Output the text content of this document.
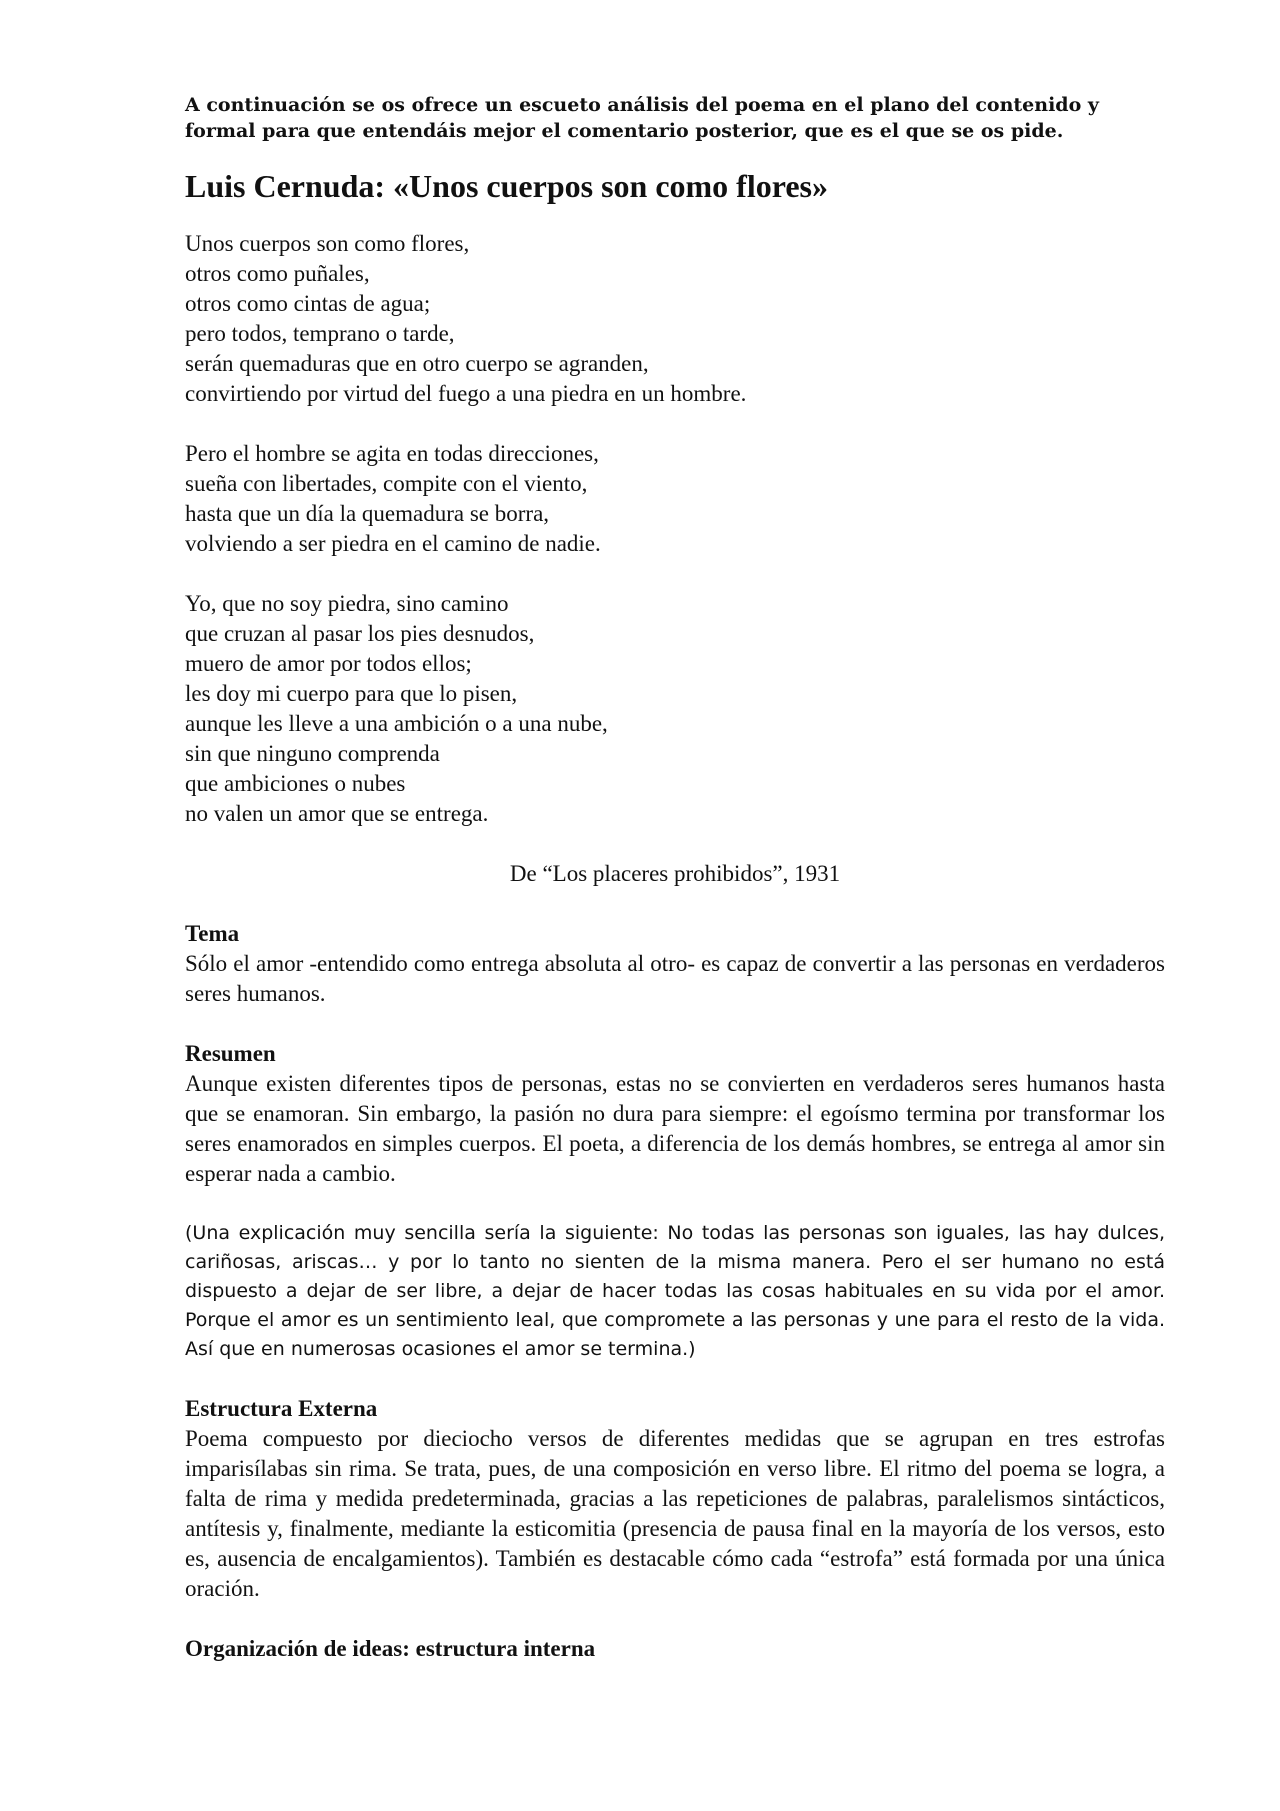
A continuación se os ofrece un escueto análisis del poema en el plano del contenido y formal para que entendáis mejor el comentario posterior, que es el que se os pide.

Luis Cernuda: «Unos cuerpos son como flores»
Unos cuerpos son como flores,
otros como puñales,
otros como cintas de agua;
pero todos, temprano o tarde,
serán quemaduras que en otro cuerpo se agranden,
convirtiendo por virtud del fuego a una piedra en un hombre.
Pero el hombre se agita en todas direcciones,
sueña con libertades, compite con el viento,
hasta que un día la quemadura se borra,
volviendo a ser piedra en el camino de nadie.
Yo, que no soy piedra, sino camino
que cruzan al pasar los pies desnudos,
muero de amor por todos ellos;
les doy mi cuerpo para que lo pisen,
aunque les lleve a una ambición o a una nube,
sin que ninguno comprenda
que ambiciones o nubes
no valen un amor que se entrega.
De “Los placeres prohibidos”, 1931
Tema

Sólo el amor -entendido como entrega absoluta al otro- es capaz de convertir a las personas en verdaderos seres humanos.

Resumen

Aunque existen diferentes tipos de personas, estas no se convierten en verdaderos seres humanos hasta que se enamoran. Sin embargo, la pasión no dura para siempre: el egoísmo termina por transformar los seres enamorados en simples cuerpos. El poeta, a diferencia de los demás hombres, se entrega al amor sin esperar nada a cambio.

(Una explicación muy sencilla sería la siguiente: No todas las personas son iguales, las hay dulces, cariñosas, ariscas… y por lo tanto no sienten de la misma manera. Pero el ser humano no está dispuesto a dejar de ser libre, a dejar de hacer todas las cosas habituales en su vida por el amor. Porque el amor es un sentimiento leal, que compromete a las personas y une para el resto de la vida. Así que en numerosas ocasiones el amor se termina.)

Estructura Externa

Poema compuesto por dieciocho versos de diferentes medidas que se agrupan en tres estrofas imparisílabas sin rima. Se trata, pues, de una composición en verso libre. El ritmo del poema se logra, a falta de rima y medida predeterminada, gracias a las repeticiones de palabras, paralelismos sintácticos, antítesis y, finalmente, mediante la esticomitia (presencia de pausa final en la mayoría de los versos, esto es, ausencia de encalgamientos). También es destacable cómo cada “estrofa” está formada por una única oración.

Organización de ideas: estructura interna
